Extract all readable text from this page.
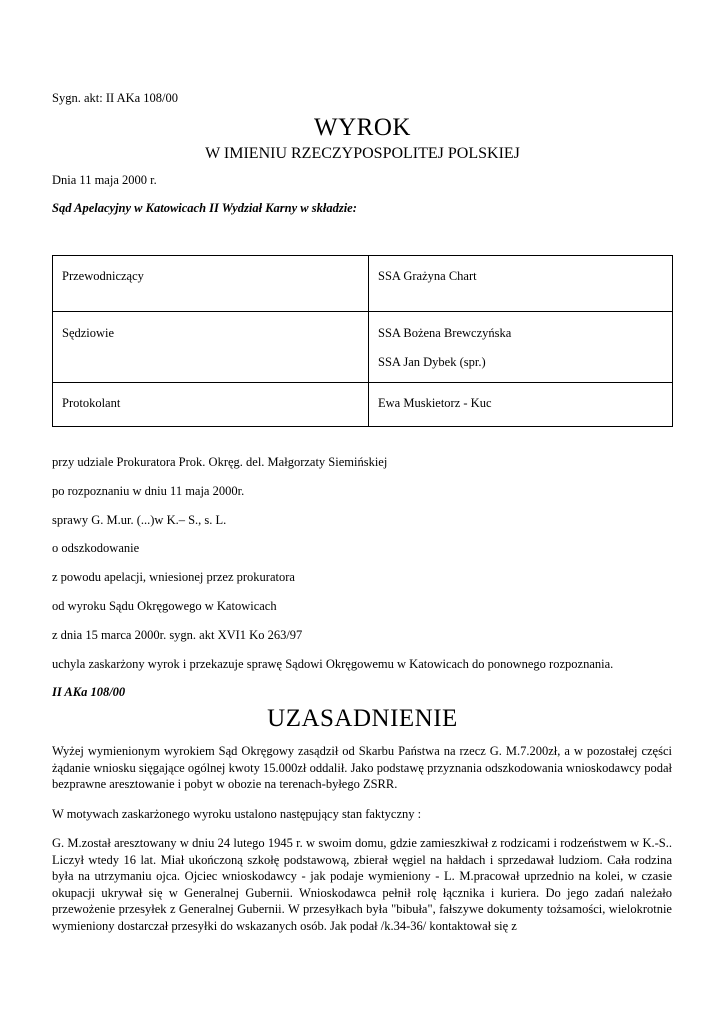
Sygn. akt: II AKa 108/00
WYROK
W IMIENIU RZECZYPOSPOLITEJ POLSKIEJ
Dnia 11 maja 2000 r.
Sąd Apelacyjny w Katowicach II Wydział Karny w składzie:
Przewodniczący	SSA Grażyna Chart

Sędziowie	SSA Bożena Brewczyńska
SSA Jan Dybek (spr.)

Protokolant	Ewa Muskietorz - Kuc
przy udziale Prokuratora Prok. Okręg. del. Małgorzaty Siemińskiej
po rozpoznaniu w dniu 11 maja 2000r.
sprawy G. M.ur. (...)w K.– S., s. L.
o odszkodowanie
z powodu apelacji, wniesionej przez prokuratora
od wyroku Sądu Okręgowego w Katowicach
z dnia 15 marca 2000r. sygn. akt XVI1 Ko 263/97
uchyla zaskarżony wyrok i przekazuje sprawę Sądowi Okręgowemu w Katowicach do ponownego rozpoznania.
II AKa 108/00
UZASADNIENIE

Wyżej wymienionym wyrokiem Sąd Okręgowy zasądził od Skarbu Państwa na rzecz G. M.7.200zł, a w pozostałej części żądanie wniosku sięgające ogólnej kwoty 15.000zł oddalił. Jako podstawę przyznania odszkodowania wnioskodawcy podał bezprawne aresztowanie i pobyt w obozie na terenach-byłego ZSRR.

W motywach zaskarżonego wyroku ustalono następujący stan faktyczny :

G. M.został aresztowany w dniu 24 lutego 1945 r. w swoim domu, gdzie zamieszkiwał z rodzicami i rodzeństwem w K.-S.. Liczył wtedy 16 lat. Miał ukończoną szkołę podstawową, zbierał węgiel na hałdach i sprzedawał ludziom. Cała rodzina była na utrzymaniu ojca. Ojciec wnioskodawcy - jak podaje wymieniony - L. M.pracował uprzednio na kolei, w czasie okupacji ukrywał się w Generalnej Gubernii. Wnioskodawca pełnił rolę łącznika i kuriera. Do jego zadań należało przewożenie przesyłek z Generalnej Gubernii. W przesyłkach była "bibuła", fałszywe dokumenty tożsamości, wielokrotnie wymieniony dostarczał przesyłki do wskazanych osób. Jak podał /k.34-36/ kontaktował się z
